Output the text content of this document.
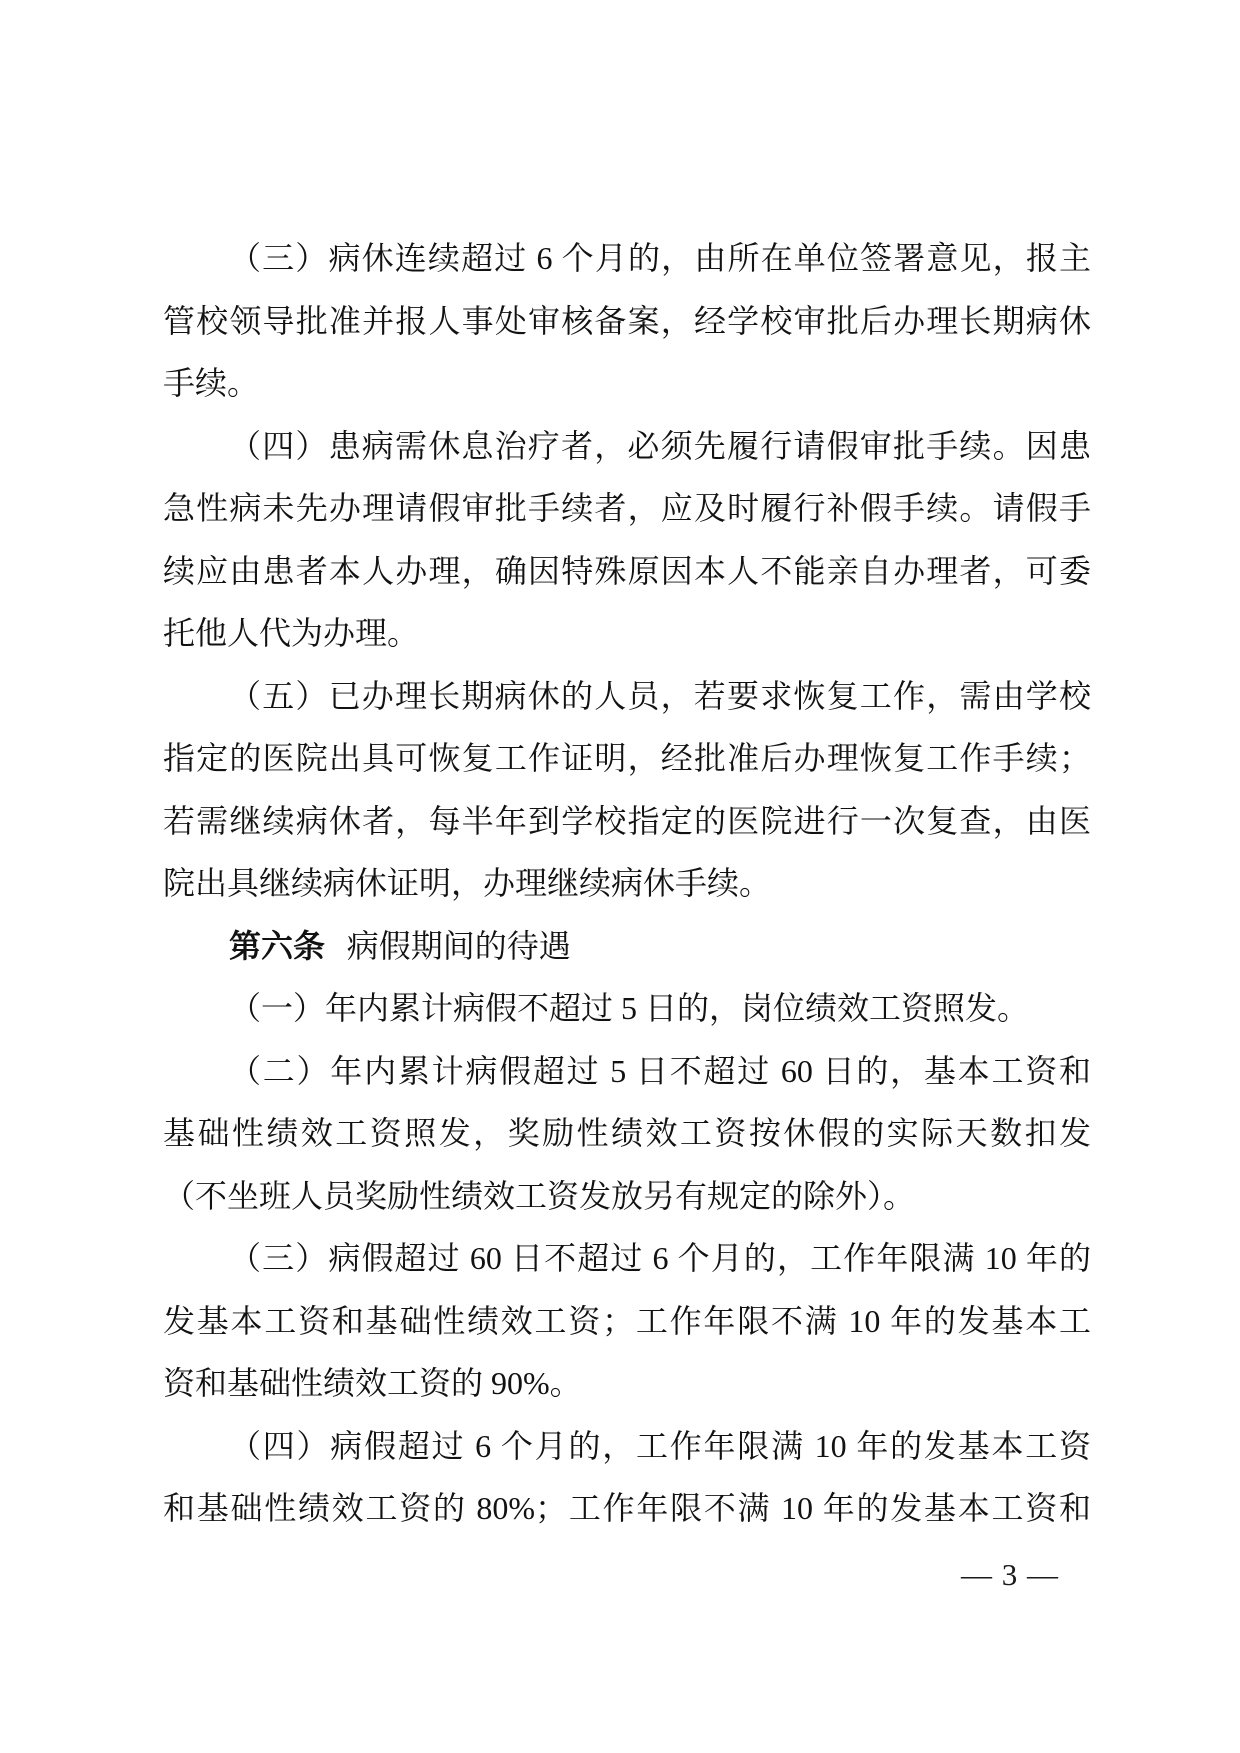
（三）病休连续超过 6 个月的，由所在单位签署意见，报主
管校领导批准并报人事处审核备案，经学校审批后办理长期病休
手续。
（四）患病需休息治疗者，必须先履行请假审批手续。因患
急性病未先办理请假审批手续者，应及时履行补假手续。请假手
续应由患者本人办理，确因特殊原因本人不能亲自办理者，可委
托他人代为办理。
（五）已办理长期病休的人员，若要求恢复工作，需由学校
指定的医院出具可恢复工作证明，经批准后办理恢复工作手续；
若需继续病休者，每半年到学校指定的医院进行一次复查，由医
院出具继续病休证明，办理继续病休手续。
第六条 病假期间的待遇
（一）年内累计病假不超过 5 日的，岗位绩效工资照发。
（二）年内累计病假超过 5 日不超过 60 日的，基本工资和
基础性绩效工资照发，奖励性绩效工资按休假的实际天数扣发
（不坐班人员奖励性绩效工资发放另有规定的除外）。
（三）病假超过 60 日不超过 6 个月的，工作年限满 10 年的
发基本工资和基础性绩效工资；工作年限不满 10 年的发基本工
资和基础性绩效工资的 90%。
（四）病假超过 6 个月的，工作年限满 10 年的发基本工资
和基础性绩效工资的 80%；工作年限不满 10 年的发基本工资和
— 3 —
